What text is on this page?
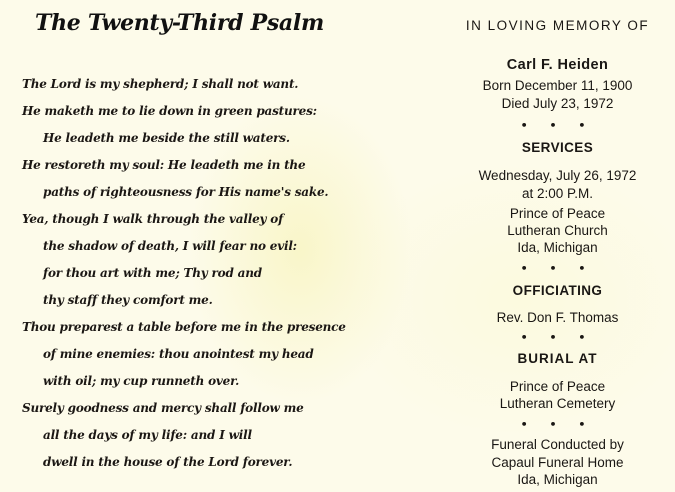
The Twenty-Third Psalm
The Lord is my shepherd; I shall not want.
He maketh me to lie down in green pastures:
He leadeth me beside the still waters.
He restoreth my soul: He leadeth me in the
paths of righteousness for His name's sake.
Yea, though I walk through the valley of
the shadow of death, I will fear no evil:
for thou art with me; Thy rod and
thy staff they comfort me.
Thou preparest a table before me in the presence
of mine enemies: thou anointest my head
with oil; my cup runneth over.
Surely goodness and mercy shall follow me
all the days of my life: and I will
dwell in the house of the Lord forever.
IN LOVING MEMORY OF
Carl F. Heiden
Born December 11, 1900
Died July 23, 1972
• • •
SERVICES
Wednesday, July 26, 1972
at 2:00 P.M.
Prince of Peace
Lutheran Church
Ida, Michigan
• • •
OFFICIATING
Rev. Don F. Thomas
• • •
BURIAL AT
Prince of Peace
Lutheran Cemetery
• • •
Funeral Conducted by
Capaul Funeral Home
Ida, Michigan
